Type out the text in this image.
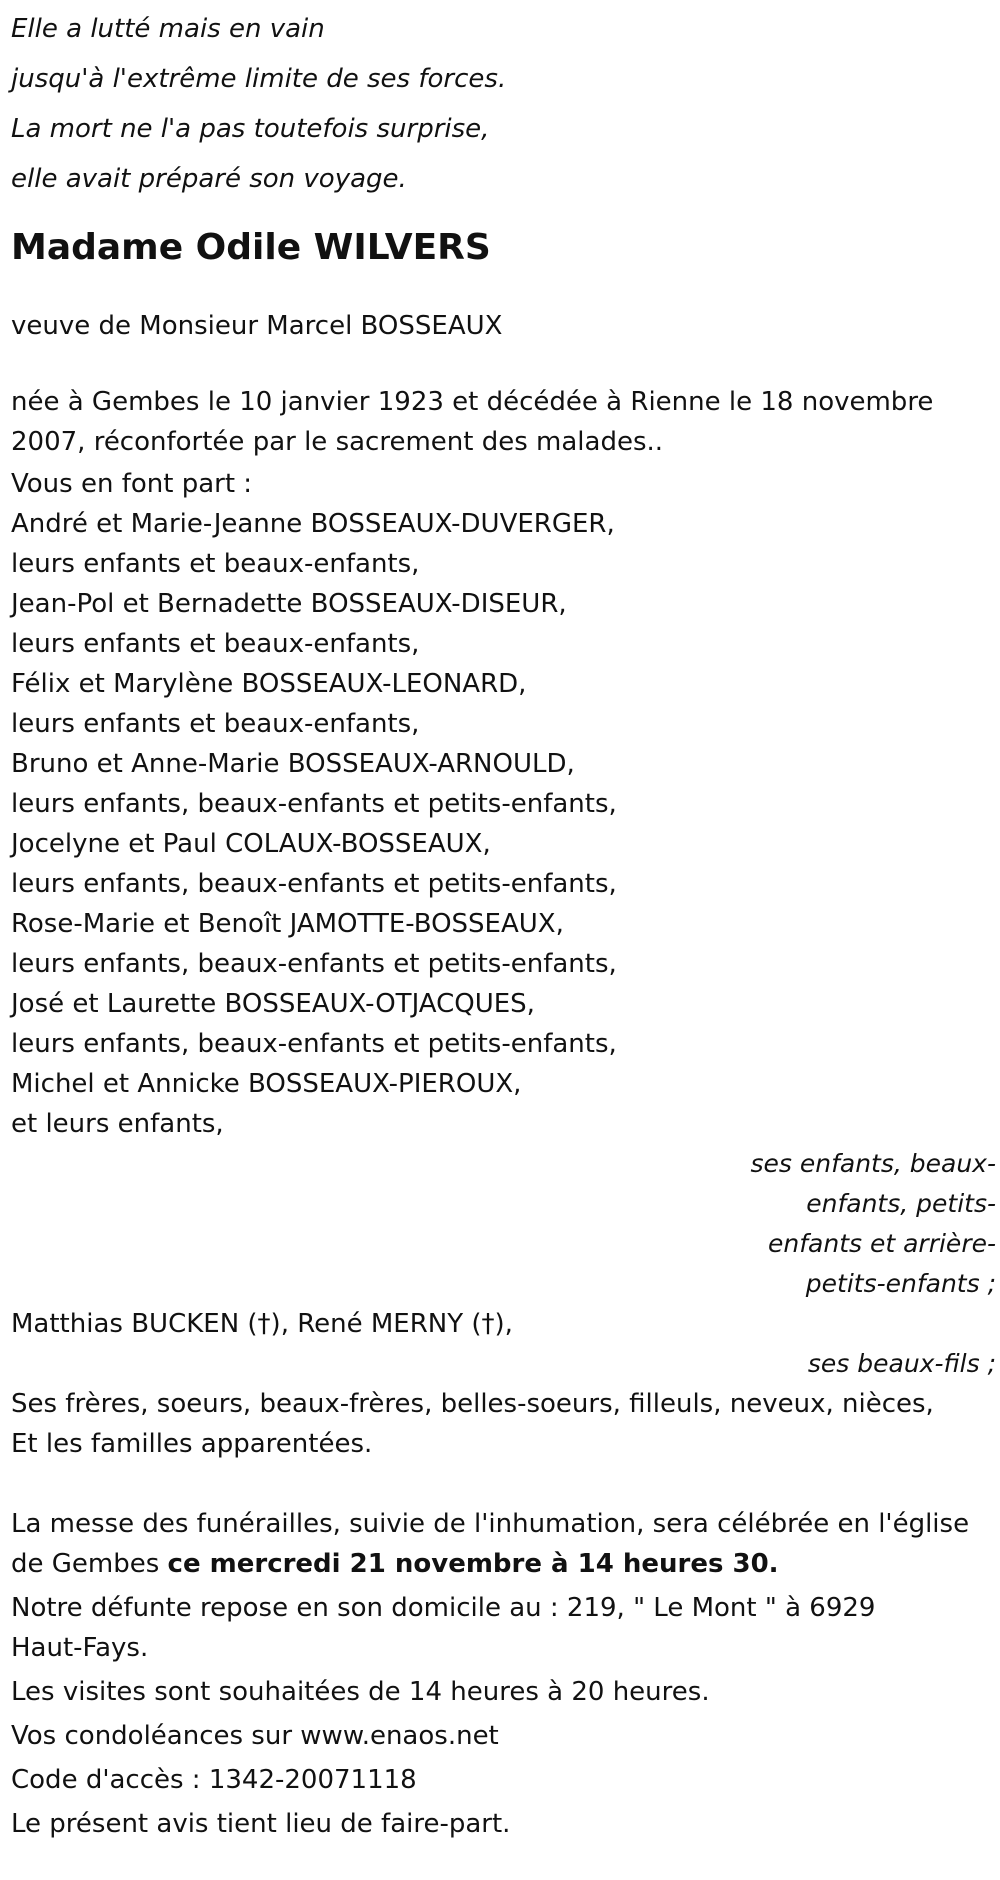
Elle a lutté mais en vain
jusqu'à l'extrême limite de ses forces.
La mort ne l'a pas toutefois surprise,
elle avait préparé son voyage.
Madame Odile WILVERS
veuve de Monsieur Marcel BOSSEAUX
née à Gembes le 10 janvier 1923 et décédée à Rienne le 18 novembre 2007, réconfortée par le sacrement des malades..
Vous en font part :
André et Marie-Jeanne BOSSEAUX-DUVERGER,
leurs enfants et beaux-enfants,
Jean-Pol et Bernadette BOSSEAUX-DISEUR,
leurs enfants et beaux-enfants,
Félix et Marylène BOSSEAUX-LEONARD,
leurs enfants et beaux-enfants,
Bruno et Anne-Marie BOSSEAUX-ARNOULD,
leurs enfants, beaux-enfants et petits-enfants,
Jocelyne et Paul COLAUX-BOSSEAUX,
leurs enfants, beaux-enfants et petits-enfants,
Rose-Marie et Benoît JAMOTTE-BOSSEAUX,
leurs enfants, beaux-enfants et petits-enfants,
José et Laurette BOSSEAUX-OTJACQUES,
leurs enfants, beaux-enfants et petits-enfants,
Michel et Annicke BOSSEAUX-PIEROUX,
et leurs enfants,
ses enfants, beaux-
enfants, petits-
enfants et arrière-
petits-enfants ;
Matthias BUCKEN (†), René MERNY (†),
ses beaux-fils ;
Ses frères, soeurs, beaux-frères, belles-soeurs, filleuls, neveux, nièces,
Et les familles apparentées.
La messe des funérailles, suivie de l'inhumation, sera célébrée en l'église de Gembes ce mercredi 21 novembre à 14 heures 30.
Notre défunte repose en son domicile au : 219, " Le Mont " à 6929 Haut-Fays.
Les visites sont souhaitées de 14 heures à 20 heures.
Vos condoléances sur www.enaos.net
Code d'accès : 1342-20071118
Le présent avis tient lieu de faire-part.
